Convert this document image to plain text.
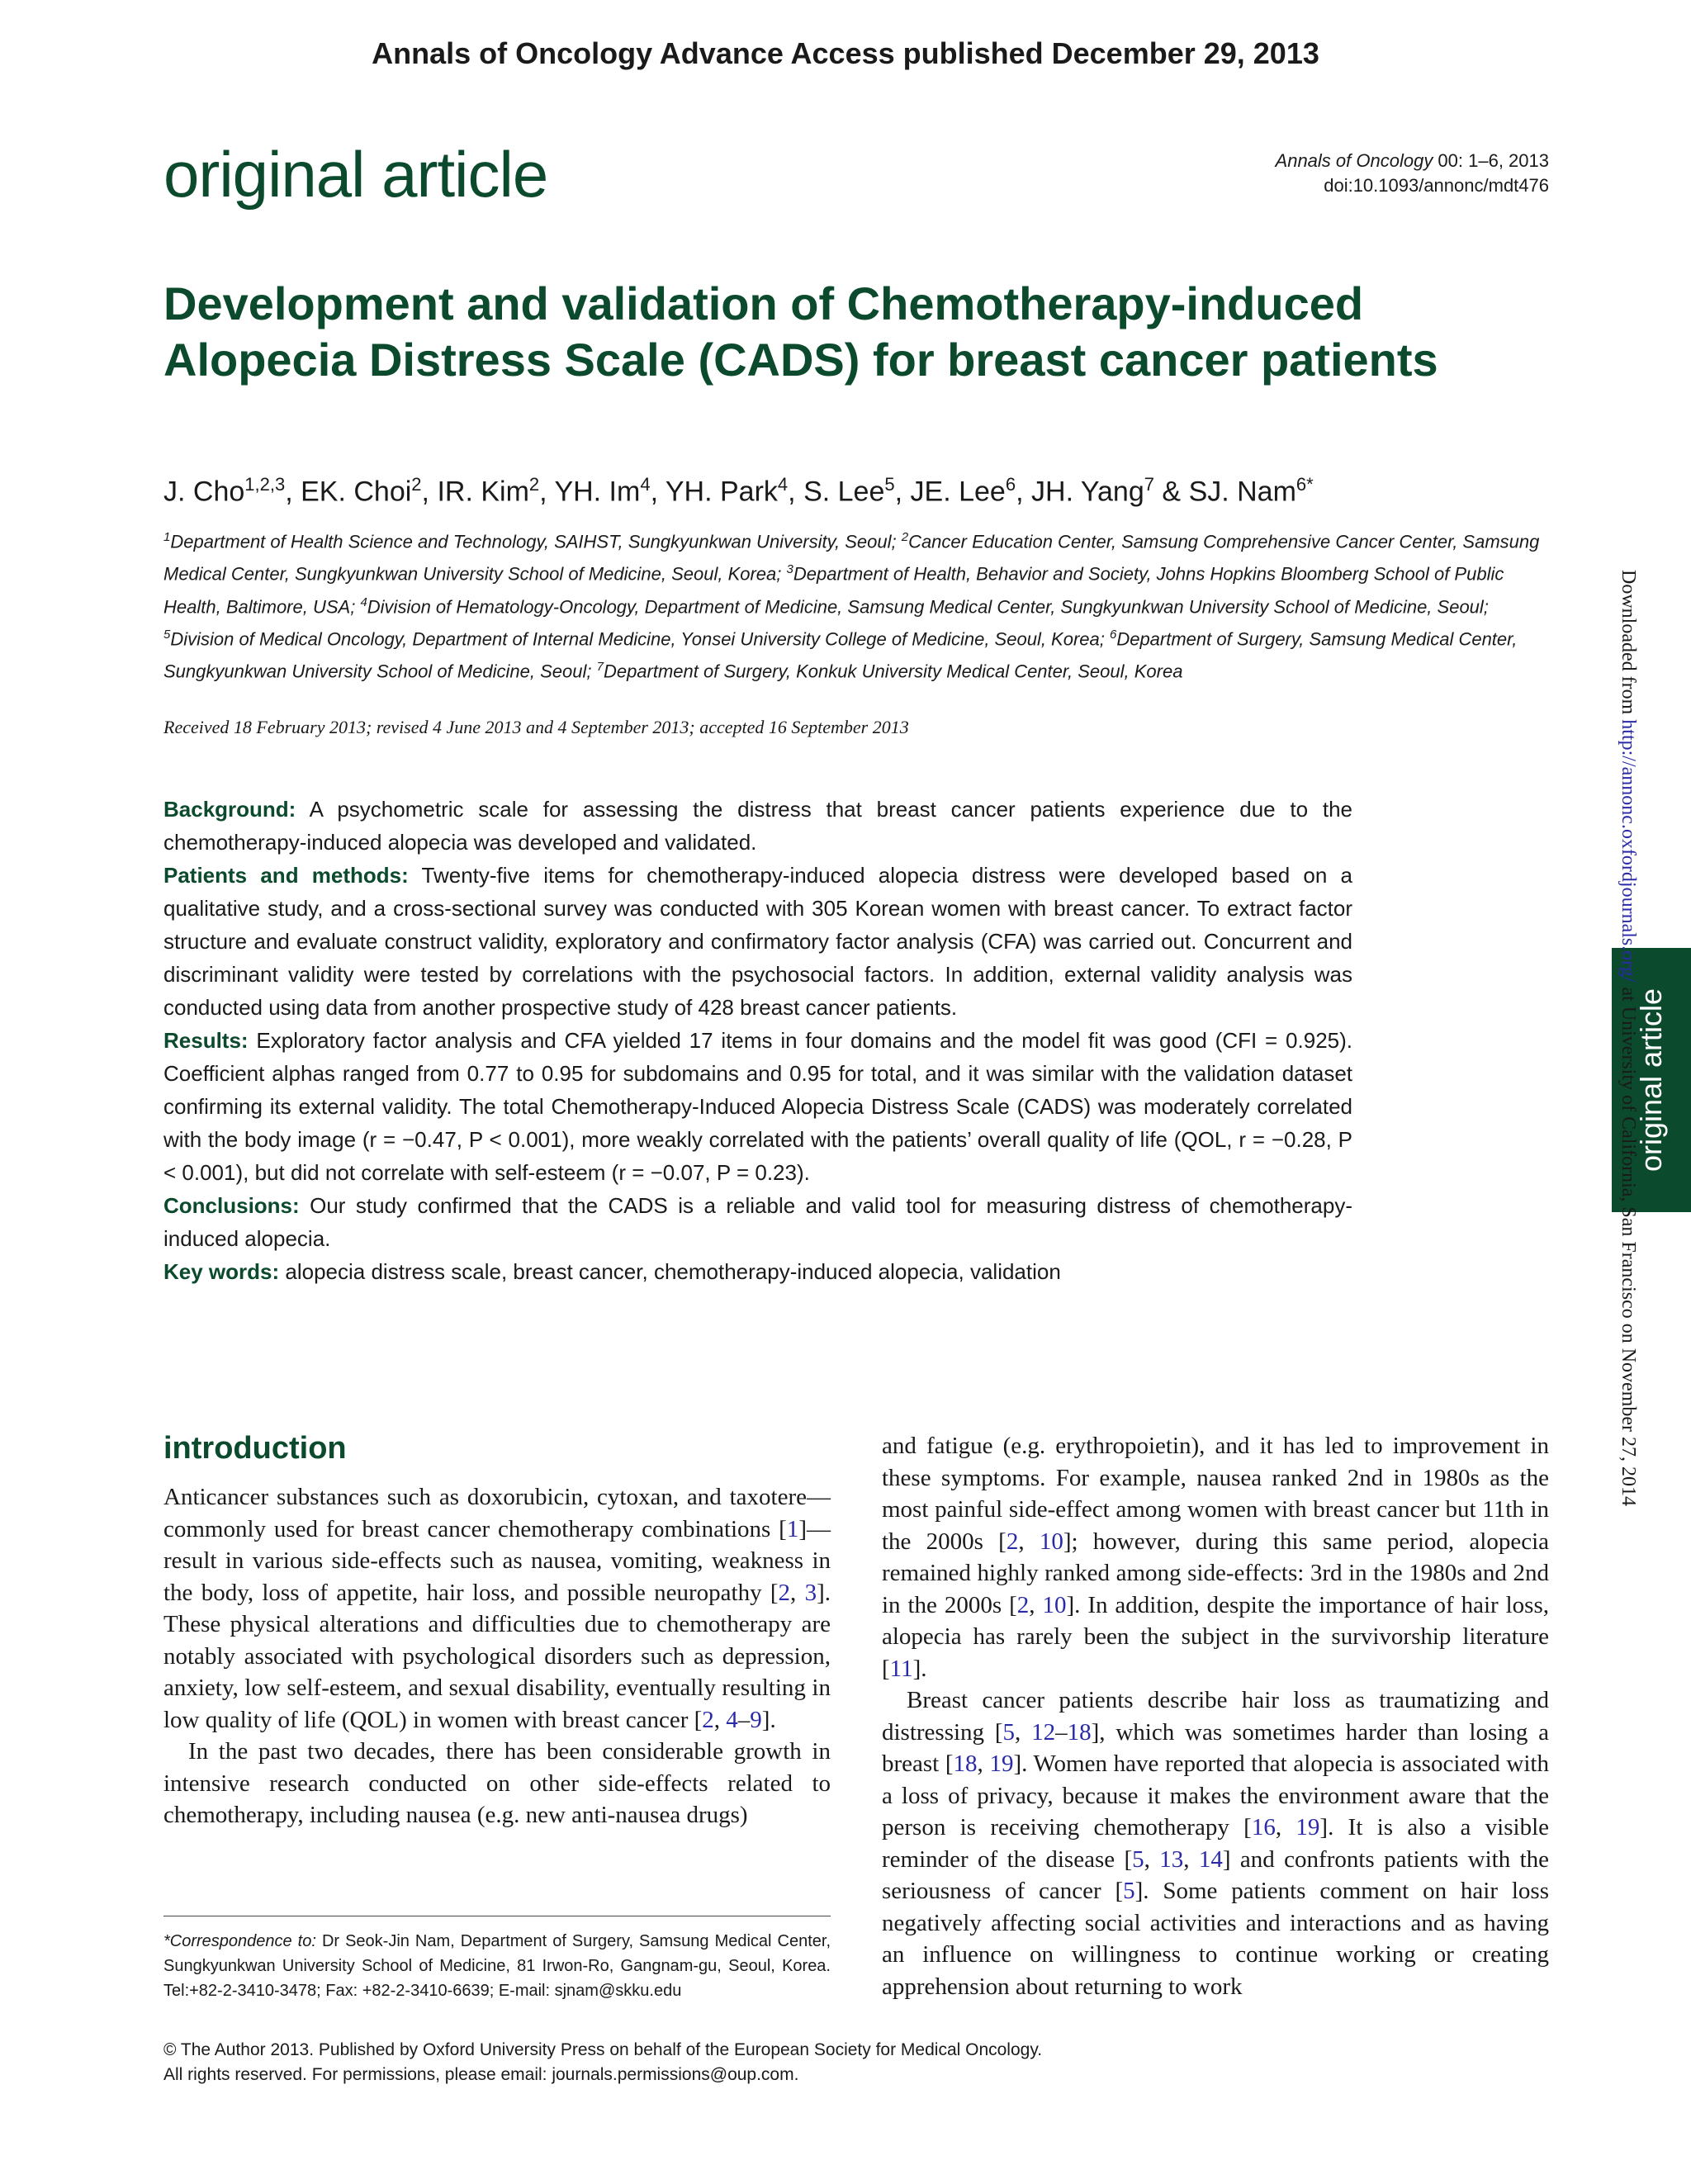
Annals of Oncology Advance Access published December 29, 2013
original article	Annals of Oncology 00: 1–6, 2013
doi:10.1093/annonc/mdt476
Development and validation of Chemotherapy-induced Alopecia Distress Scale (CADS) for breast cancer patients
J. Cho$^{1,2,3}$, EK. Choi$^2$, IR. Kim$^2$, YH. Im$^4$, YH. Park$^4$, S. Lee$^5$, JE. Lee$^6$, JH. Yang$^7$ & SJ. Nam$^{6*}$
$^1$Department of Health Science and Technology, SAIHST, Sungkyunkwan University, Seoul; $^2$Cancer Education Center, Samsung Comprehensive Cancer Center, Samsung Medical Center, Sungkyunkwan University School of Medicine, Seoul, Korea; $^3$Department of Health, Behavior and Society, Johns Hopkins Bloomberg School of Public Health, Baltimore, USA; $^4$Division of Hematology-Oncology, Department of Medicine, Samsung Medical Center, Sungkyunkwan University School of Medicine, Seoul; $^5$Division of Medical Oncology, Department of Internal Medicine, Yonsei University College of Medicine, Seoul, Korea; $^6$Department of Surgery, Samsung Medical Center, Sungkyunkwan University School of Medicine, Seoul; $^7$Department of Surgery, Konkuk University Medical Center, Seoul, Korea
Received 18 February 2013; revised 4 June 2013 and 4 September 2013; accepted 16 September 2013

Background: A psychometric scale for assessing the distress that breast cancer patients experience due to the chemotherapy-induced alopecia was developed and validated.

Patients and methods: Twenty-five items for chemotherapy-induced alopecia distress were developed based on a qualitative study, and a cross-sectional survey was conducted with 305 Korean women with breast cancer. To extract factor structure and evaluate construct validity, exploratory and confirmatory factor analysis (CFA) was carried out. Concurrent and discriminant validity were tested by correlations with the psychosocial factors. In addition, external validity analysis was conducted using data from another prospective study of 428 breast cancer patients.

Results: Exploratory factor analysis and CFA yielded 17 items in four domains and the model fit was good (CFI = 0.925). Coefficient alphas ranged from 0.77 to 0.95 for subdomains and 0.95 for total, and it was similar with the validation dataset confirming its external validity. The total Chemotherapy-Induced Alopecia Distress Scale (CADS) was moderately correlated with the body image (r = −0.47, P < 0.001), more weakly correlated with the patients’ overall quality of life (QOL, r = −0.28, P < 0.001), but did not correlate with self-esteem (r = −0.07, P = 0.23).

Conclusions: Our study confirmed that the CADS is a reliable and valid tool for measuring distress of chemotherapy-induced alopecia.

Key words: alopecia distress scale, breast cancer, chemotherapy-induced alopecia, validation

introduction

Anticancer substances such as doxorubicin, cytoxan, and taxotere—commonly used for breast cancer chemotherapy combinations [1]—result in various side-effects such as nausea, vomiting, weakness in the body, loss of appetite, hair loss, and possible neuropathy [2, 3]. These physical alterations and difficulties due to chemotherapy are notably associated with psychological disorders such as depression, anxiety, low self-esteem, and sexual disability, eventually resulting in low quality of life (QOL) in women with breast cancer [2, 4–9].

In the past two decades, there has been considerable growth in intensive research conducted on other side-effects related to chemotherapy, including nausea (e.g. new anti-nausea drugs)

and fatigue (e.g. erythropoietin), and it has led to improvement in these symptoms. For example, nausea ranked 2nd in 1980s as the most painful side-effect among women with breast cancer but 11th in the 2000s [2, 10]; however, during this same period, alopecia remained highly ranked among side-effects: 3rd in the 1980s and 2nd in the 2000s [2, 10]. In addition, despite the importance of hair loss, alopecia has rarely been the subject in the survivorship literature [11].

Breast cancer patients describe hair loss as traumatizing and distressing [5, 12–18], which was sometimes harder than losing a breast [18, 19]. Women have reported that alopecia is associated with a loss of privacy, because it makes the environment aware that the person is receiving chemotherapy [16, 19]. It is also a visible reminder of the disease [5, 13, 14] and confronts patients with the seriousness of cancer [5]. Some patients comment on hair loss negatively affecting social activities and interactions and as having an influence on willingness to continue working or creating apprehension about returning to work

*Correspondence to: Dr Seok-Jin Nam, Department of Surgery, Samsung Medical Center, Sungkyunkwan University School of Medicine, 81 Irwon-Ro, Gangnam-gu, Seoul, Korea. Tel:+82-2-3410-3478; Fax: +82-2-3410-6639; E-mail: sjnam@skku.edu
© The Author 2013. Published by Oxford University Press on behalf of the European Society for Medical Oncology.
All rights reserved. For permissions, please email: journals.permissions@oup.com.
original article
Downloaded from http://annonc.oxfordjournals.org/ at University of California, San Francisco on November 27, 2014
